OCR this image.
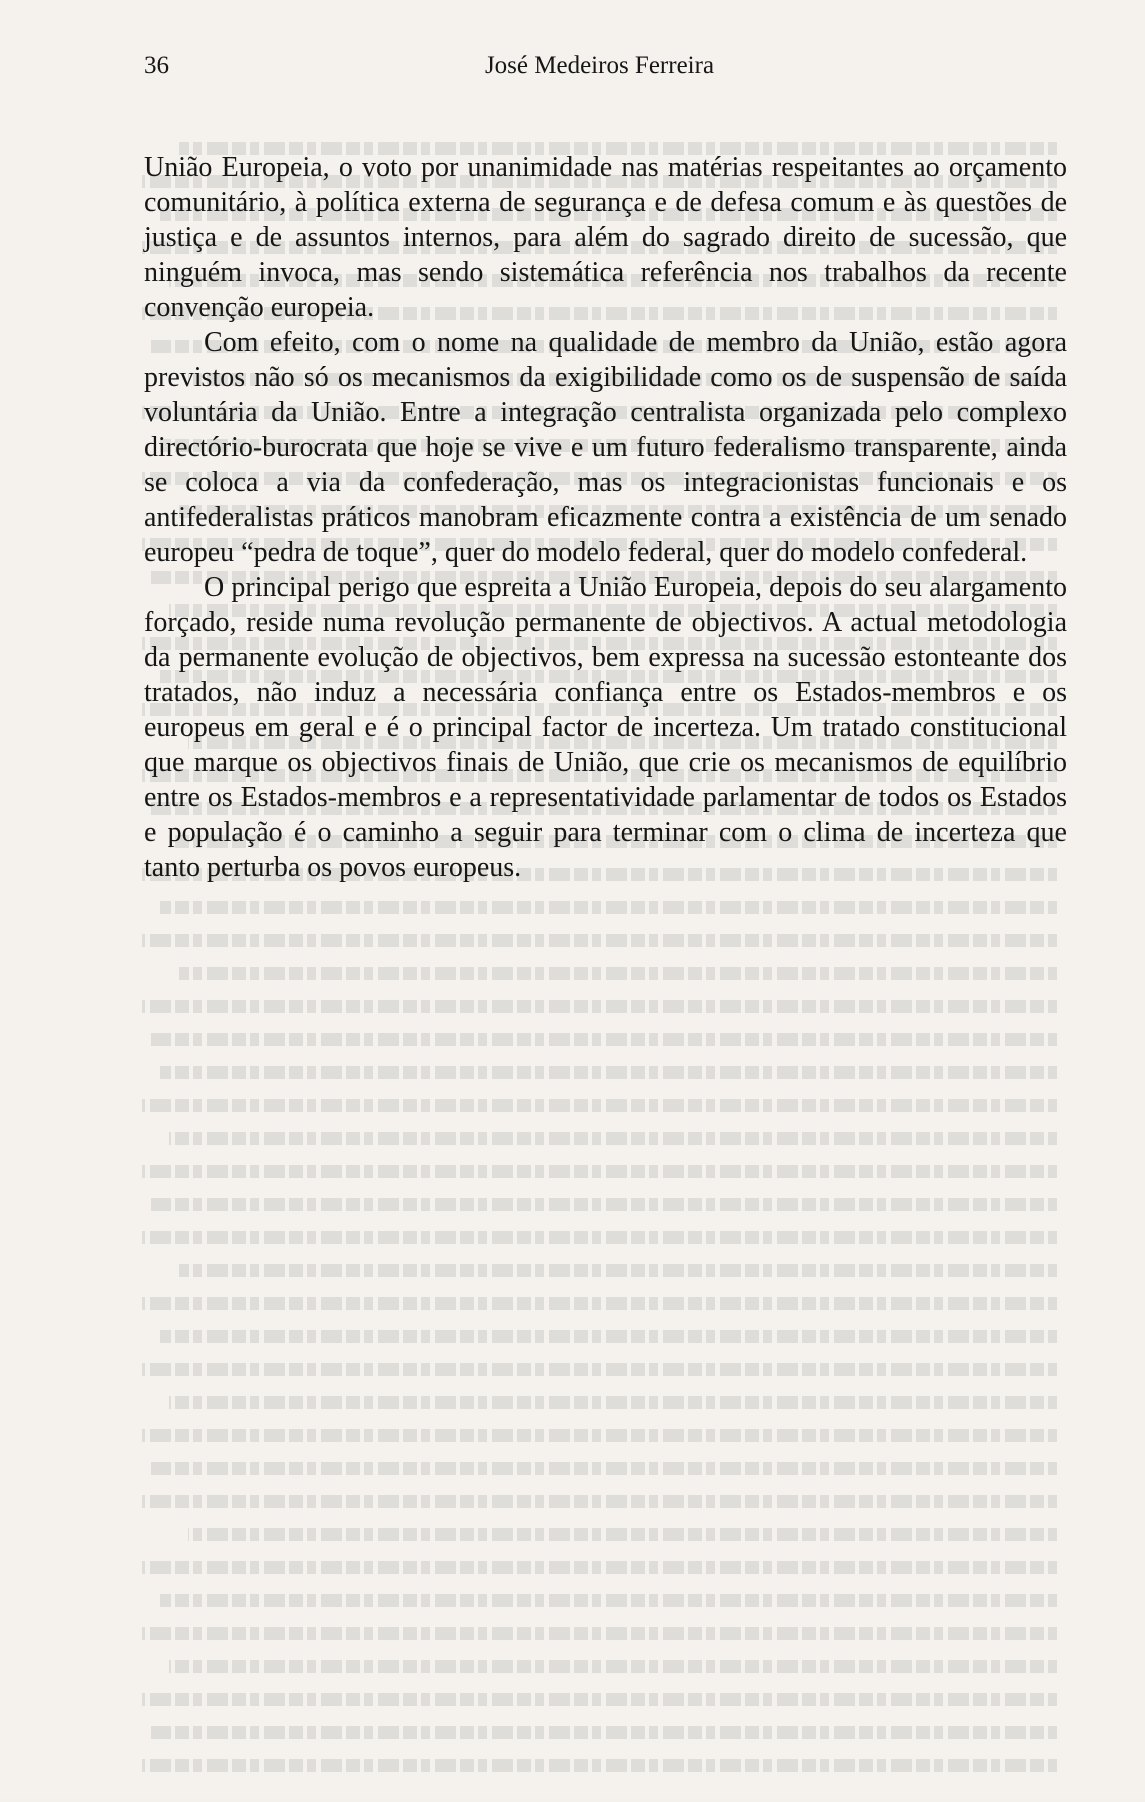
36	José Medeiros Ferreira

União Europeia, o voto por unanimidade nas matérias respeitantes ao orçamento comunitário, à política externa de segurança e de defesa comum e às questões de justiça e de assuntos internos, para além do sagrado direito de sucessão, que ninguém invoca, mas sendo sistemática referência nos trabalhos da recente convenção europeia.

Com efeito, com o nome na qualidade de membro da União, estão agora previstos não só os mecanismos da exigibilidade como os de suspensão de saída voluntária da União. Entre a integração centralista organizada pelo complexo directório-burocrata que hoje se vive e um futuro federalismo transparente, ainda se coloca a via da confederação, mas os integracionistas funcionais e os antifederalistas práticos manobram eficazmente contra a existência de um senado europeu “pedra de toque”, quer do modelo federal, quer do modelo confederal.

O principal perigo que espreita a União Europeia, depois do seu alargamento forçado, reside numa revolução permanente de objectivos. A actual metodologia da permanente evolução de objectivos, bem expressa na sucessão estonteante dos tratados, não induz a necessária confiança entre os Estados-membros e os europeus em geral e é o principal factor de incerteza. Um tratado constitucional que marque os objectivos finais de União, que crie os mecanismos de equilíbrio entre os Estados-membros e a representatividade parlamentar de todos os Estados e população é o caminho a seguir para terminar com o clima de incerteza que tanto perturba os povos europeus.
